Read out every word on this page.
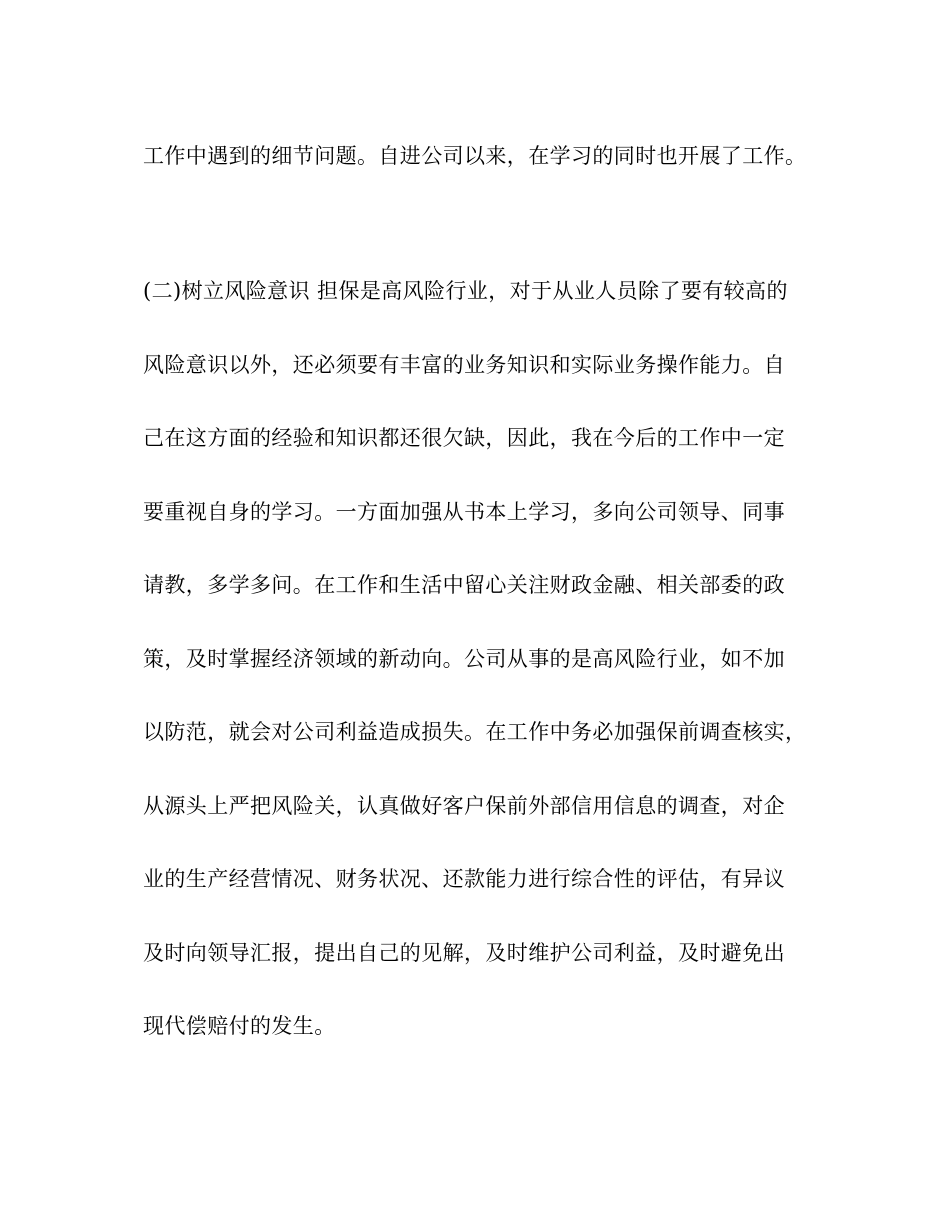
工作中遇到的细节问题。自进公司以来，在学习的同时也开展了工作。
(二)树立风险意识 担保是高风险行业，对于从业人员除了要有较高的
风险意识以外，还必须要有丰富的业务知识和实际业务操作能力。自
己在这方面的经验和知识都还很欠缺，因此，我在今后的工作中一定
要重视自身的学习。一方面加强从书本上学习，多向公司领导、同事
请教，多学多问。在工作和生活中留心关注财政金融、相关部委的政
策，及时掌握经济领域的新动向。公司从事的是高风险行业，如不加
以防范，就会对公司利益造成损失。在工作中务必加强保前调查核实，
从源头上严把风险关，认真做好客户保前外部信用信息的调查，对企
业的生产经营情况、财务状况、还款能力进行综合性的评估，有异议
及时向领导汇报，提出自己的见解，及时维护公司利益，及时避免出
现代偿赔付的发生。
